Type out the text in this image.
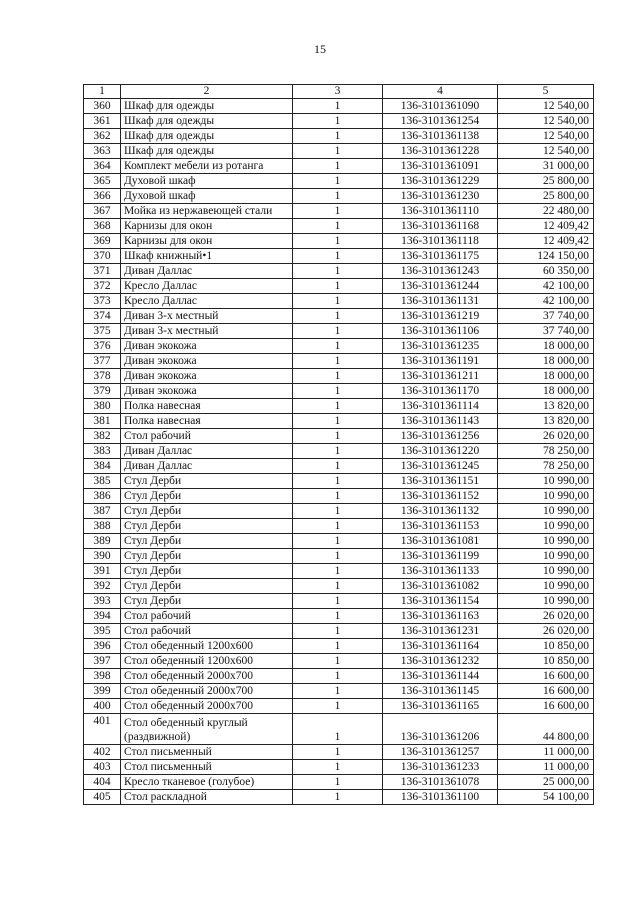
15
1	2	3	4	5
360	Шкаф для одежды	1	136-3101361090	12 540,00
361	Шкаф для одежды	1	136-3101361254	12 540,00
362	Шкаф для одежды	1	136-3101361138	12 540,00
363	Шкаф для одежды	1	136-3101361228	12 540,00
364	Комплект мебели из ротанга	1	136-3101361091	31 000,00
365	Духовой шкаф	1	136-3101361229	25 800,00
366	Духовой шкаф	1	136-3101361230	25 800,00
367	Мойка из нержавеющей стали	1	136-3101361110	22 480,00
368	Карнизы для окон	1	136-3101361168	12 409,42
369	Карнизы для окон	1	136-3101361118	12 409,42
370	Шкаф книжный•1	1	136-3101361175	124 150,00
371	Диван Даллас	1	136-3101361243	60 350,00
372	Кресло Даллас	1	136-3101361244	42 100,00
373	Кресло Даллас	1	136-3101361131	42 100,00
374	Диван 3-х местный	1	136-3101361219	37 740,00
375	Диван 3-х местный	1	136-3101361106	37 740,00
376	Диван экокожа	1	136-3101361235	18 000,00
377	Диван экокожа	1	136-3101361191	18 000,00
378	Диван экокожа	1	136-3101361211	18 000,00
379	Диван экокожа	1	136-3101361170	18 000,00
380	Полка навесная	1	136-3101361114	13 820,00
381	Полка навесная	1	136-3101361143	13 820,00
382	Стол рабочий	1	136-3101361256	26 020,00
383	Диван Даллас	1	136-3101361220	78 250,00
384	Диван Даллас	1	136-3101361245	78 250,00
385	Стул Дерби	1	136-3101361151	10 990,00
386	Стул Дерби	1	136-3101361152	10 990,00
387	Стул Дерби	1	136-3101361132	10 990,00
388	Стул Дерби	1	136-3101361153	10 990,00
389	Стул Дерби	1	136-3101361081	10 990,00
390	Стул Дерби	1	136-3101361199	10 990,00
391	Стул Дерби	1	136-3101361133	10 990,00
392	Стул Дерби	1	136-3101361082	10 990,00
393	Стул Дерби	1	136-3101361154	10 990,00
394	Стол рабочий	1	136-3101361163	26 020,00
395	Стол рабочий	1	136-3101361231	26 020,00
396	Стол обеденный 1200х600	1	136-3101361164	10 850,00
397	Стол обеденный 1200х600	1	136-3101361232	10 850,00
398	Стол обеденный 2000х700	1	136-3101361144	16 600,00
399	Стол обеденный 2000х700	1	136-3101361145	16 600,00
400	Стол обеденный 2000х700	1	136-3101361165	16 600,00
401	Стол обеденный круглый (раздвижной)	1	136-3101361206	44 800,00
402	Стол письменный	1	136-3101361257	11 000,00
403	Стол письменный	1	136-3101361233	11 000,00
404	Кресло тканевое (голубое)	1	136-3101361078	25 000,00
405	Стол раскладной	1	136-3101361100	54 100,00
